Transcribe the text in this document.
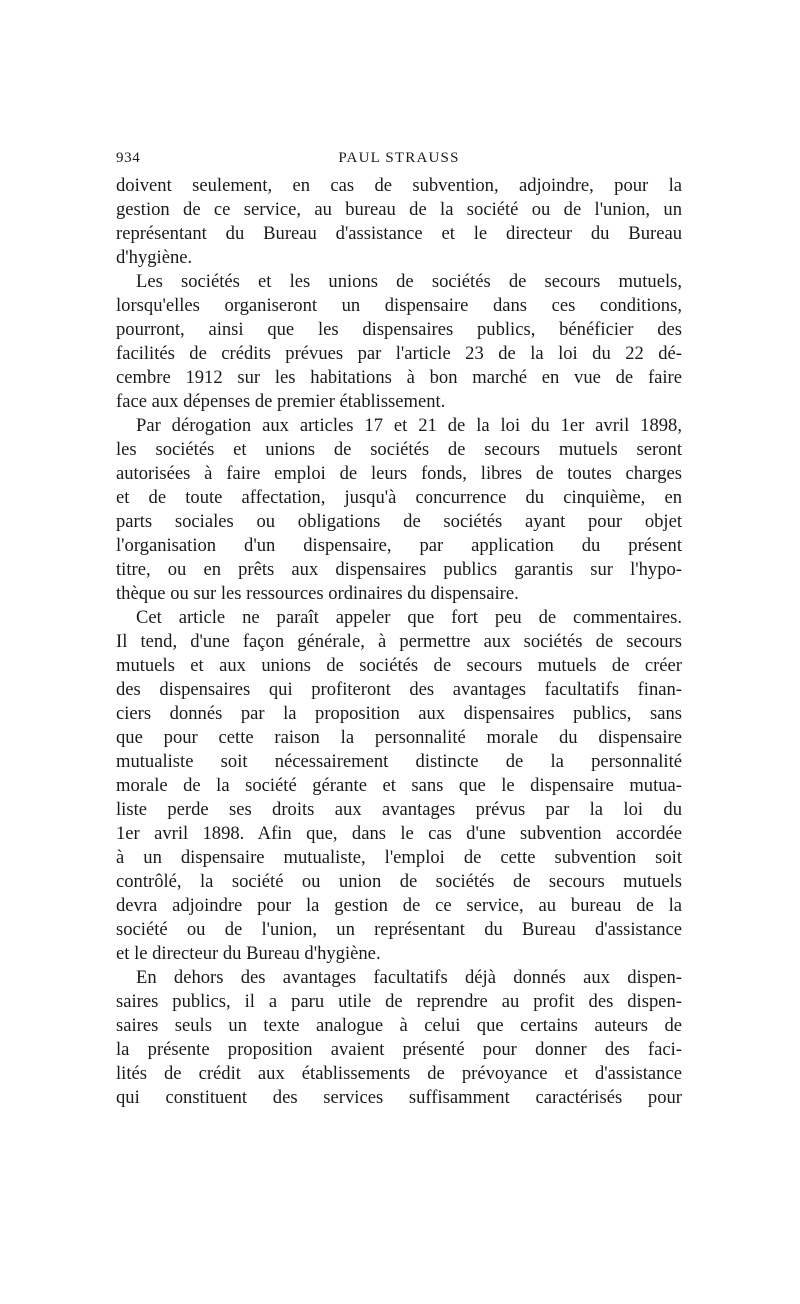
934	PAUL STRAUSS
doivent seulement, en cas de subvention, adjoindre, pour la
gestion de ce service, au bureau de la société ou de l'union, un
représentant du Bureau d'assistance et le directeur du Bureau
d'hygiène.
Les sociétés et les unions de sociétés de secours mutuels,
lorsqu'elles organiseront un dispensaire dans ces conditions,
pourront, ainsi que les dispensaires publics, bénéficier des
facilités de crédits prévues par l'article 23 de la loi du 22 dé-
cembre 1912 sur les habitations à bon marché en vue de faire
face aux dépenses de premier établissement.
Par dérogation aux articles 17 et 21 de la loi du 1er avril 1898,
les sociétés et unions de sociétés de secours mutuels seront
autorisées à faire emploi de leurs fonds, libres de toutes charges
et de toute affectation, jusqu'à concurrence du cinquième, en
parts sociales ou obligations de sociétés ayant pour objet
l'organisation d'un dispensaire, par application du présent
titre, ou en prêts aux dispensaires publics garantis sur l'hypo-
thèque ou sur les ressources ordinaires du dispensaire.
Cet article ne paraît appeler que fort peu de commentaires.
Il tend, d'une façon générale, à permettre aux sociétés de secours
mutuels et aux unions de sociétés de secours mutuels de créer
des dispensaires qui profiteront des avantages facultatifs finan-
ciers donnés par la proposition aux dispensaires publics, sans
que pour cette raison la personnalité morale du dispensaire
mutualiste soit nécessairement distincte de la personnalité
morale de la société gérante et sans que le dispensaire mutua-
liste perde ses droits aux avantages prévus par la loi du
1er avril 1898. Afin que, dans le cas d'une subvention accordée
à un dispensaire mutualiste, l'emploi de cette subvention soit
contrôlé, la société ou union de sociétés de secours mutuels
devra adjoindre pour la gestion de ce service, au bureau de la
société ou de l'union, un représentant du Bureau d'assistance
et le directeur du Bureau d'hygiène.
En dehors des avantages facultatifs déjà donnés aux dispen-
saires publics, il a paru utile de reprendre au profit des dispen-
saires seuls un texte analogue à celui que certains auteurs de
la présente proposition avaient présenté pour donner des faci-
lités de crédit aux établissements de prévoyance et d'assistance
qui constituent des services suffisamment caractérisés pour
